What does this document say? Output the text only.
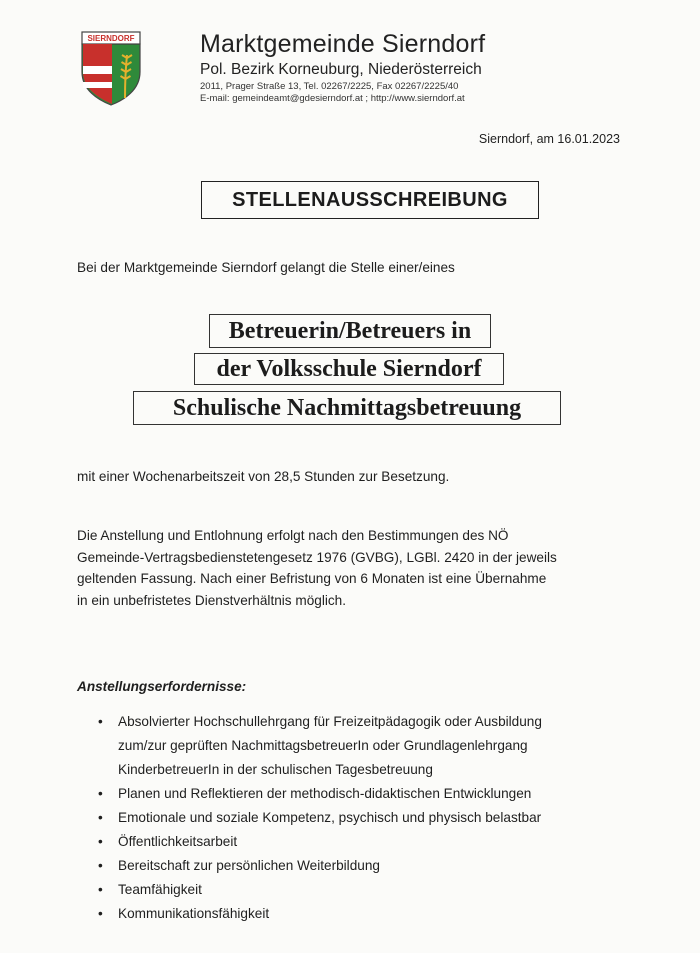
SIERNDORF	Marktgemeinde Sierndorf
Pol. Bezirk Korneuburg, Niederösterreich
2011, Prager Straße 13, Tel. 02267/2225, Fax 02267/2225/40
E-mail: gemeindeamt@gdesierndorf.at ; http://www.sierndorf.at
Sierndorf, am 16.01.2023
STELLENAUSSCHREIBUNG
Bei der Marktgemeinde Sierndorf gelangt die Stelle einer/eines
Betreuerin/Betreuers in
der Volksschule Sierndorf
Schulische Nachmittagsbetreuung
mit einer Wochenarbeitszeit von 28,5 Stunden zur Besetzung.
Die Anstellung und Entlohnung erfolgt nach den Bestimmungen des NÖ
Gemeinde-Vertragsbedienstetengesetz 1976 (GVBG), LGBl. 2420 in der jeweils
geltenden Fassung. Nach einer Befristung von 6 Monaten ist eine Übernahme
in ein unbefristetes Dienstverhältnis möglich.
Anstellungserfordernisse:
• Absolvierter Hochschullehrgang für Freizeitpädagogik oder Ausbildung
zum/zur geprüften NachmittagsbetreuerIn oder Grundlagenlehrgang
KinderbetreuerIn in der schulischen Tagesbetreuung
• Planen und Reflektieren der methodisch-didaktischen Entwicklungen
• Emotionale und soziale Kompetenz, psychisch und physisch belastbar
• Öffentlichkeitsarbeit
• Bereitschaft zur persönlichen Weiterbildung
• Teamfähigkeit
• Kommunikationsfähigkeit
